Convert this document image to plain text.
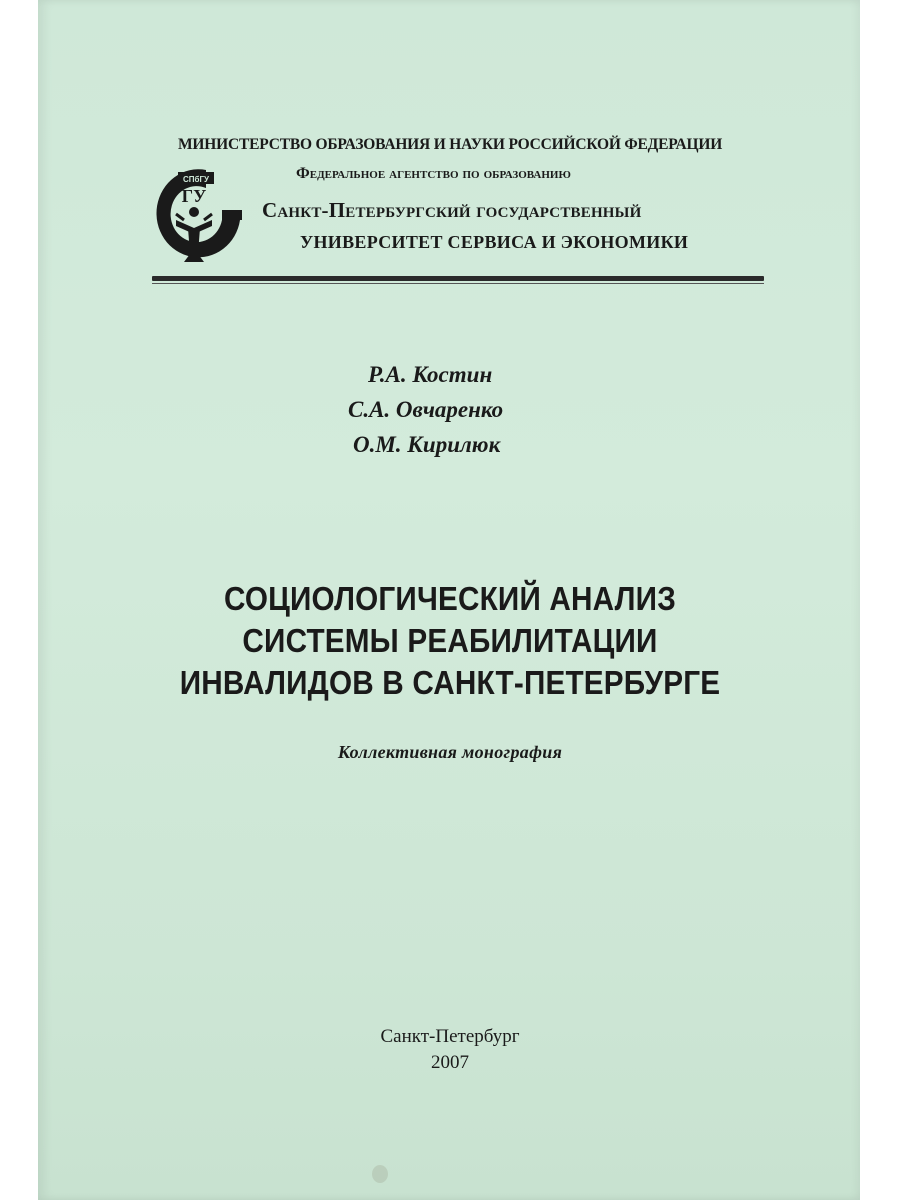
МИНИСТЕРСТВО ОБРАЗОВАНИЯ И НАУКИ РОССИЙСКОЙ ФЕДЕРАЦИИ
Федеральное агентство по образованию
СПбГУ
ГУ
Санкт-Петербургский государственный
УНИВЕРСИТЕТ СЕРВИСА И ЭКОНОМИКИ
Р.А. Костин
С.А. Овчаренко
О.М. Кирилюк
СОЦИОЛОГИЧЕСКИЙ АНАЛИЗ
СИСТЕМЫ РЕАБИЛИТАЦИИ
ИНВАЛИДОВ В САНКТ-ПЕТЕРБУРГЕ
Коллективная монография
Санкт-Петербург
2007
